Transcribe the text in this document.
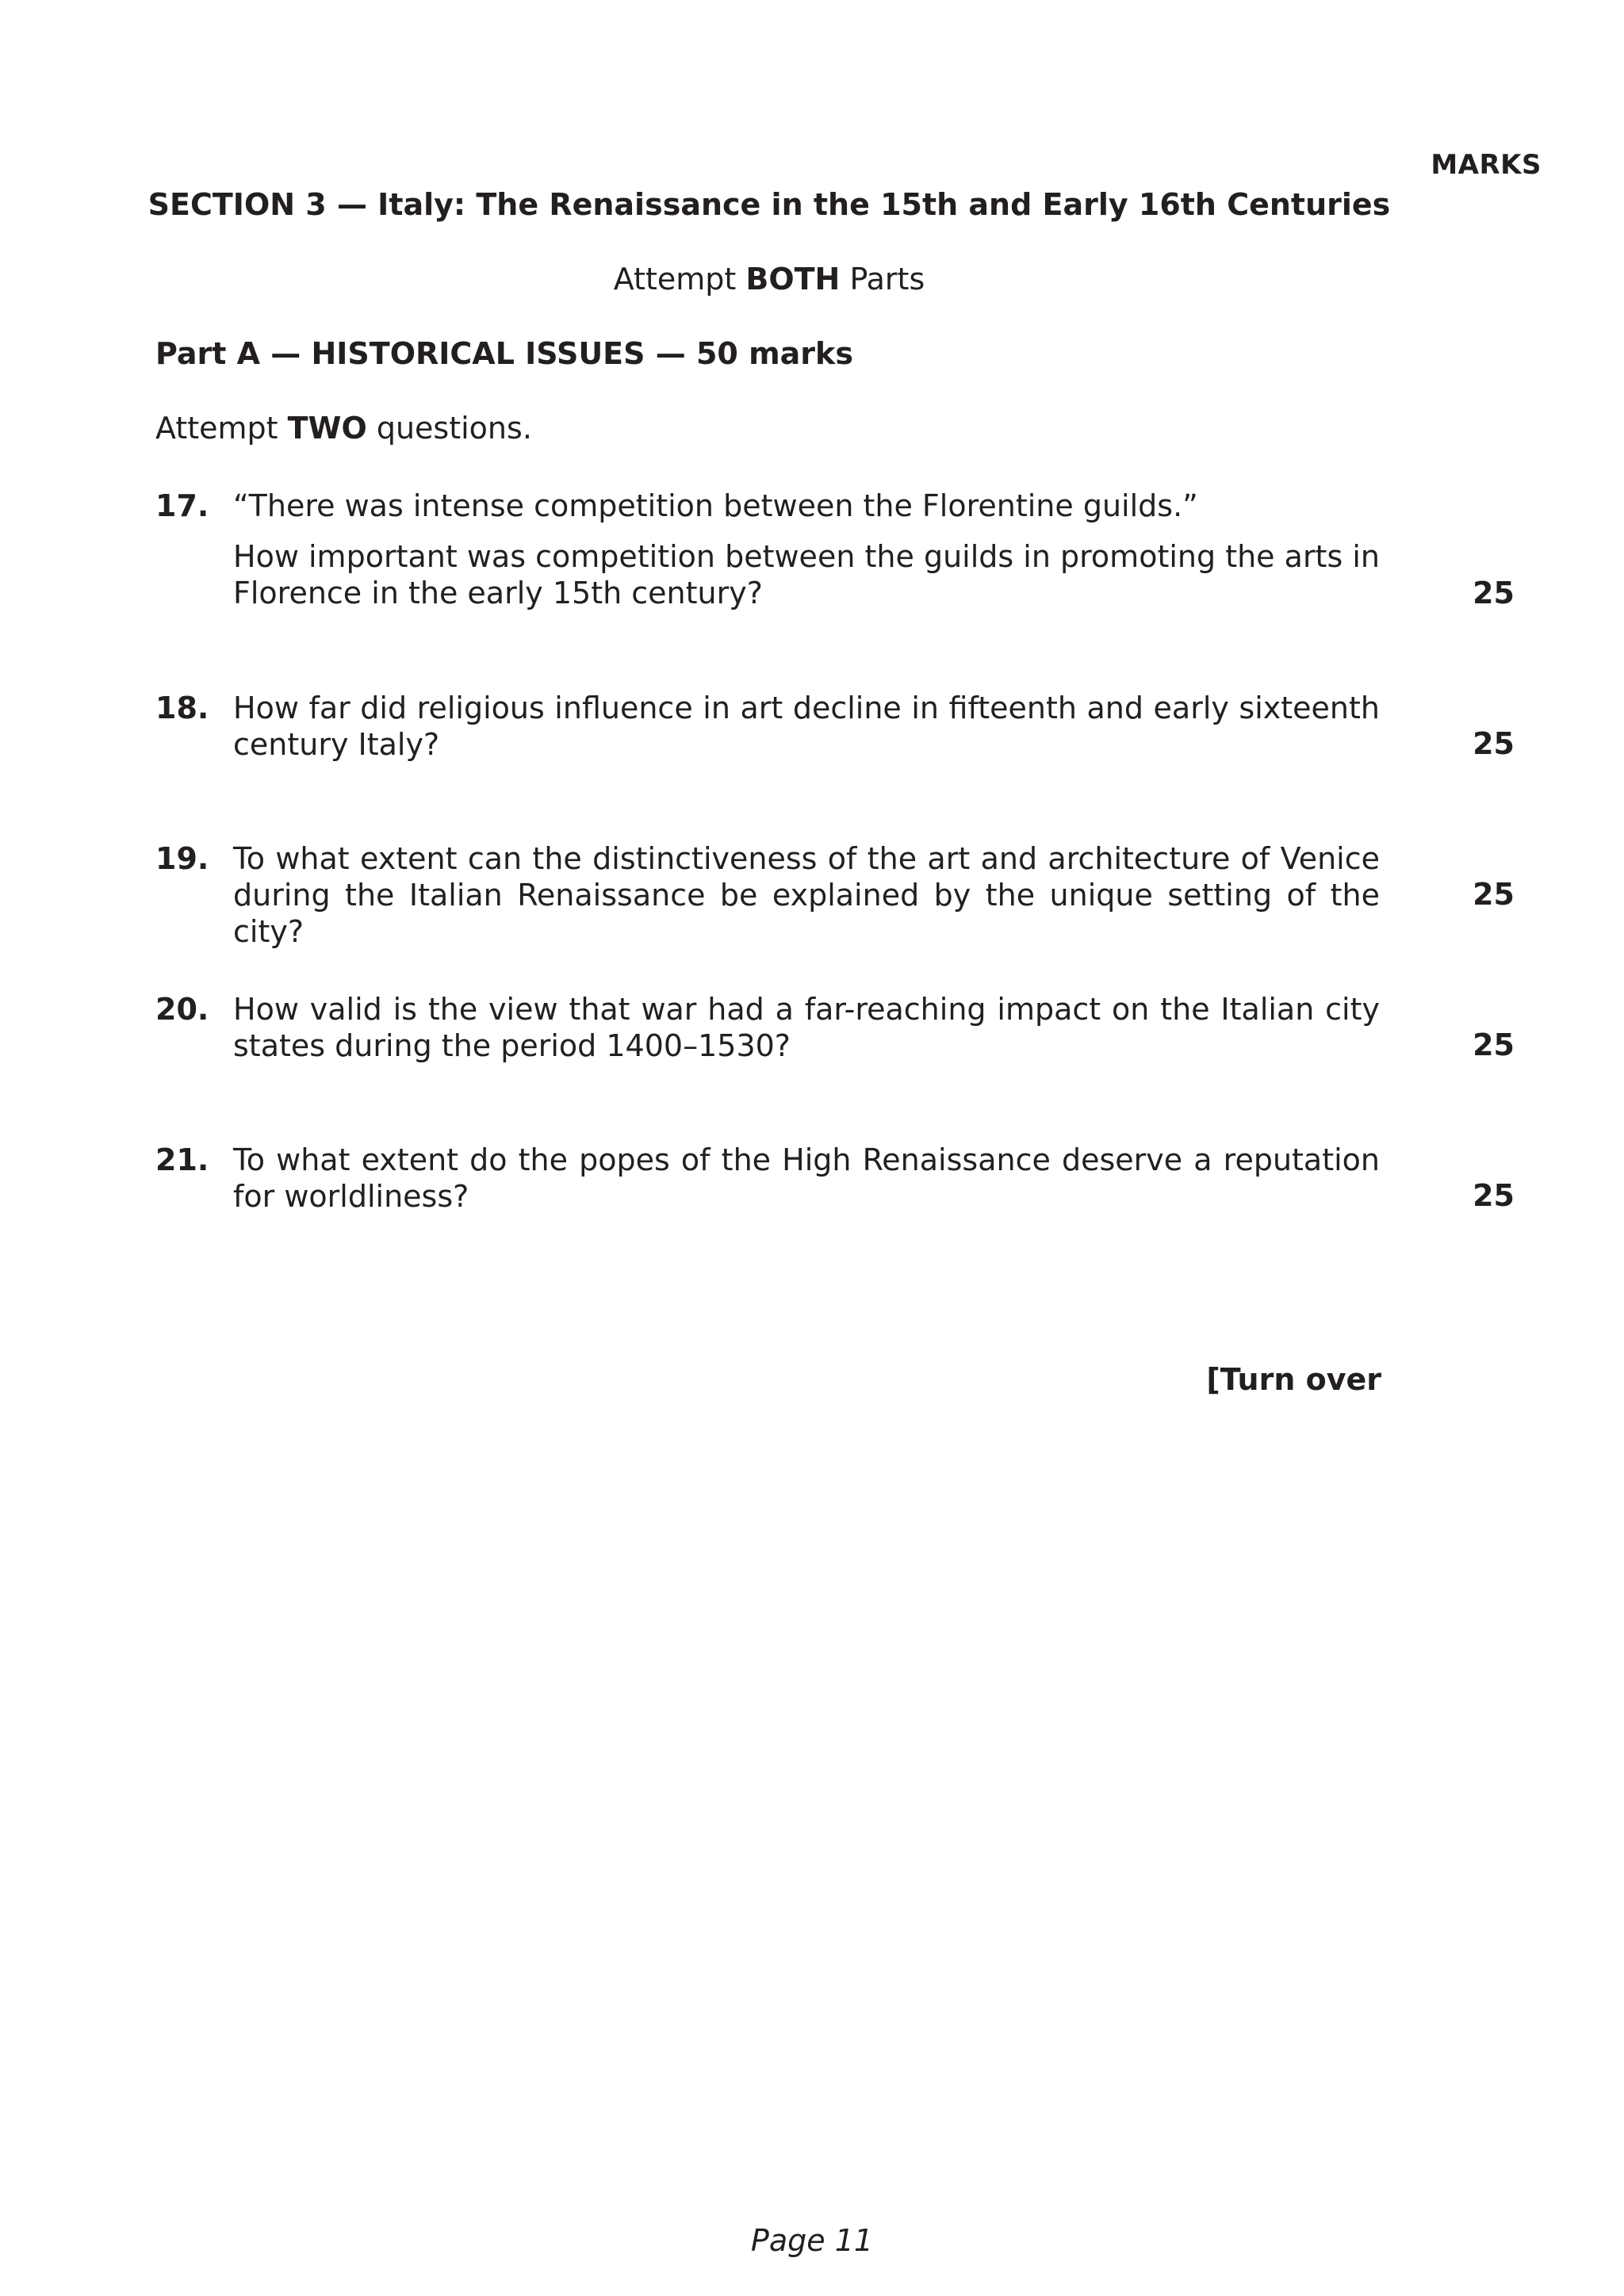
MARKS
SECTION 3 — Italy: The Renaissance in the 15th and Early 16th Centuries
Attempt BOTH Parts
Part A — HISTORICAL ISSUES — 50 marks
Attempt TWO questions.
17. “There was intense competition between the Florentine guilds.”

How important was competition between the guilds in promoting the arts in Florence in the early 15th century?	25
18. How far did religious influence in art decline in fifteenth and early sixteenth century Italy?	25
19. To what extent can the distinctiveness of the art and architecture of Venice during the Italian Renaissance be explained by the unique setting of the city?

25
20. How valid is the view that war had a far-reaching impact on the Italian city states during the period 1400–1530?	25
21. To what extent do the popes of the High Renaissance deserve a reputation for worldliness?	25
[Turn over
Page 11
